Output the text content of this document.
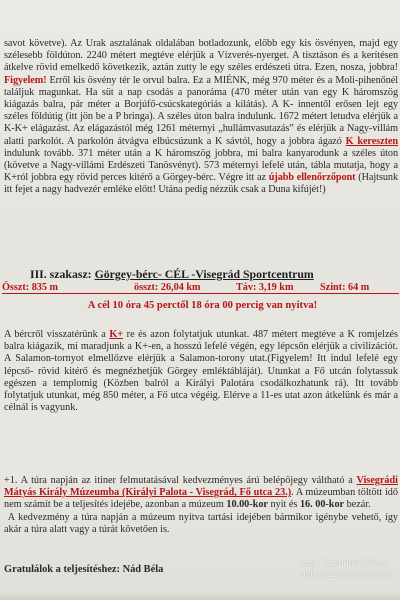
savot követve). Az Urak asztalának oldalában botladozunk, előbb egy kis ösvényen, majd egy szélesebb földúton. 2240 métert megtéve elérjük a Vízverés-nyerget. A tisztáson és a kerítésen átkelve rövid emelkedő következik, aztán zutty le egy széles erdészeti útra. Ezen, nosza, jobbra! Figyelem! Erről kis ösvény tér le orvul balra. Ez a MIÉNK, még 970 méter és a Moli-pihenőnél találjuk magunkat. Ha süt a nap csodás a panoráma (470 méter után van egy K háromszög kiágazás balra, pár méter a Borjúfő-csúcskategóriás a kilátás). A K- innentől erősen lejt egy széles földútig (itt jön be a P bringa). A széles úton balra indulunk. 1672 métert letudva elérjük a K-K+ elágazást. Az elágazástól még 1261 méternyi „hullámvasutazás” és elérjük a Nagy-villám alatti parkolót. A parkolón átvágva elbúcsúzunk a K sávtól, hogy a jobbra ágazó K kereszten indulunk tovább. 371 méter után a K háromszög jobbra, mi balra kanyarodunk a széles úton (követve a Nagy-villámi Erdészeti Tanösvényt). 573 méternyi lefelé után, tábla mutatja, hogy a K+ról jobbra egy rövid perces kitérő a Görgey-bérc. Végre itt az újabb ellenőrzőpont (Hajtsunk itt fejet a nagy hadvezér emléke előtt! Utána pedig nézzük csak a Duna kifújét!)

III. szakasz: Görgey-bérc- CÉL -Visegrád Sportcentrum
Összt: 835 m	összt: 26,04 km	Táv: 3,19 km	Szint: 64 m
A cél 10 óra 45 perctől 18 óra 00 percig van nyitva!

A bércről visszatérünk a K+ re és azon folytatjuk utunkat. 487 métert megtéve a K romjelzés balra kiágazik, mi maradjunk a K+-en, a hosszú lefelé végén, egy lépcsőn elérjük a civilizációt. A Salamon-tornyot elmellőzve elérjük a Salamon-torony utat.(Figyelem! Itt indul lefelé egy lépcső- rövid kitérő és megnézhetjük Görgey emléktábláját). Utunkat a Fő utcán folytassuk egészen a templomig (Közben balról a Királyi Palotára csodálkozhatunk rá). Itt tovább folytatjuk utunkat, még 850 méter, a Fő utca végéig. Elérve a 11-es utat azon átkelünk és már a célnál is vagyunk.

+1. A túra napján az itiner felmutatásával kedvezményes árú belépőjegy váltható a Visegrádi Mátyás Király Múzeumba (Királyi Palota - Visegrád, Fő utca 23.). A múzeumban töltött idő nem számít be a teljesítés idejébe, azonban a múzeum 10.00-kor nyit és 16. 00-kor bezár.

A kedvezmény a túra napján a múzeum nyitva tartási idejében bármikor igénybe vehető, így akár a túra alatt vagy a túrát követően is.

Gratulálok a teljesítéshez: Nád Béla
fotó : Szendrei Gábor
http://szendreigabor.hu
